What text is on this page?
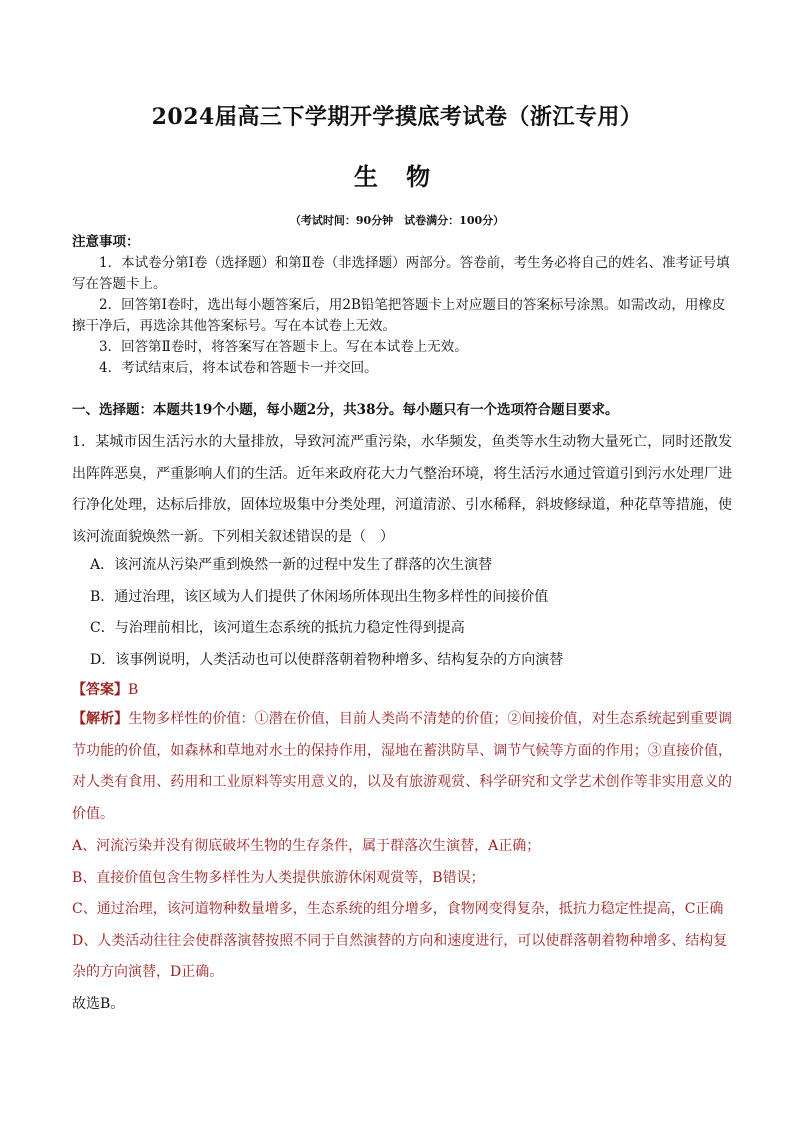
2024届高三下学期开学摸底考试卷（浙江专用）
生 物
（考试时间：90分钟　试卷满分：100分）
注意事项：
1．本试卷分第Ⅰ卷（选择题）和第Ⅱ卷（非选择题）两部分。答卷前，考生务必将自己的姓名、准考证号填写在答题卡上。
2．回答第Ⅰ卷时，选出每小题答案后，用2B铅笔把答题卡上对应题目的答案标号涂黑。如需改动，用橡皮擦干净后，再选涂其他答案标号。写在本试卷上无效。
3．回答第Ⅱ卷时，将答案写在答题卡上。写在本试卷上无效。
4．考试结束后，将本试卷和答题卡一并交回。
一、选择题：本题共19个小题，每小题2分，共38分。每小题只有一个选项符合题目要求。
1．某城市因生活污水的大量排放，导致河流严重污染，水华频发，鱼类等水生动物大量死亡，同时还散发出阵阵恶臭，严重影响人们的生活。近年来政府花大力气整治环境，将生活污水通过管道引到污水处理厂进行净化处理，达标后排放，固体垃圾集中分类处理，河道清淤、引水稀释，斜坡修绿道，种花草等措施，使该河流面貌焕然一新。下列相关叙述错误的是（　）
A．该河流从污染严重到焕然一新的过程中发生了群落的次生演替
B．通过治理，该区域为人们提供了休闲场所体现出生物多样性的间接价值
C．与治理前相比，该河道生态系统的抵抗力稳定性得到提高
D．该事例说明，人类活动也可以使群落朝着物种增多、结构复杂的方向演替
【答案】B
【解析】生物多样性的价值：①潜在价值，目前人类尚不清楚的价值；②间接价值，对生态系统起到重要调节功能的价值，如森林和草地对水土的保持作用，湿地在蓄洪防旱、调节气候等方面的作用；③直接价值，对人类有食用、药用和工业原料等实用意义的，以及有旅游观赏、科学研究和文学艺术创作等非实用意义的价值。
A、河流污染并没有彻底破坏生物的生存条件，属于群落次生演替，A正确；
B、直接价值包含生物多样性为人类提供旅游休闲观赏等，B错误；
C、通过治理，该河道物种数量增多，生态系统的组分增多，食物网变得复杂，抵抗力稳定性提高，C正确
D、人类活动往往会使群落演替按照不同于自然演替的方向和速度进行，可以使群落朝着物种增多、结构复杂的方向演替，D正确。
故选B。
